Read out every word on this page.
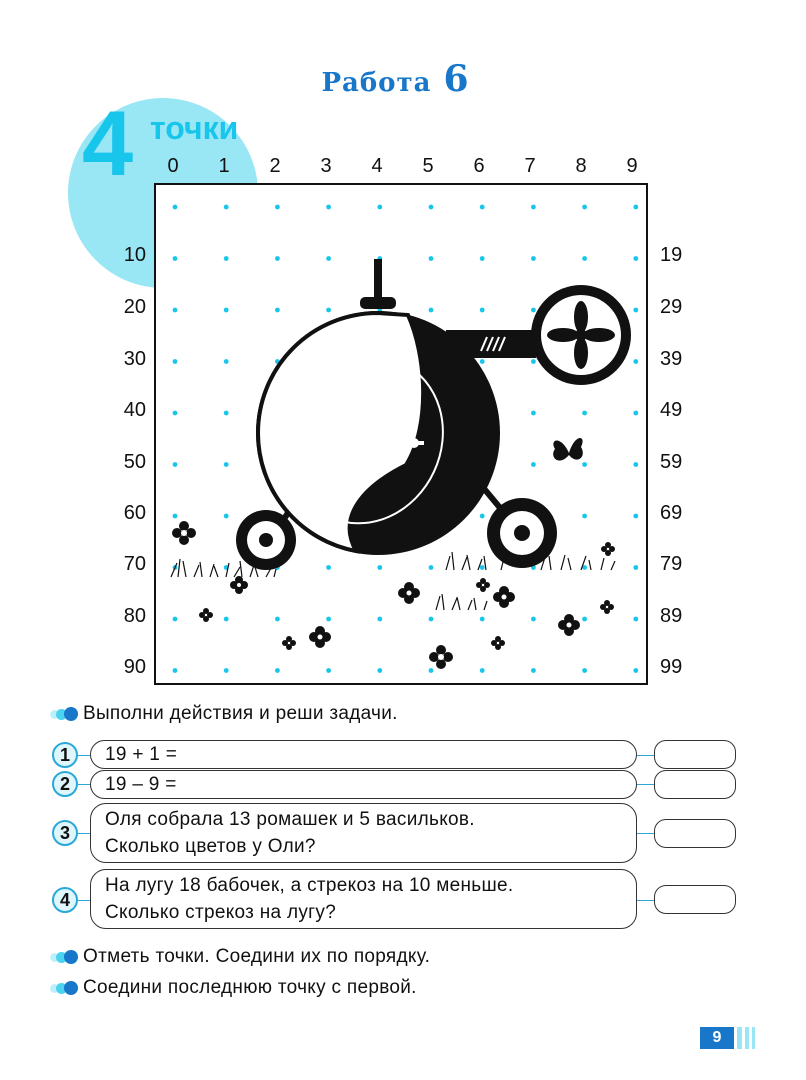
Работа 6
4 точки
0	1	2	3	4	5	6	7	8	9
10
20
30
40
50
60
70
80
90
19
29
39
49
59
69
79
89
99
Выполни действия и реши задачи.
1	19 + 1 =
2	19 – 9 =
3
Оля собрала 13 ромашек и 5 васильков.
Сколько цветов у Оли?
4
На лугу 18 бабочек, а стрекоз на 10 меньше.
Сколько стрекоз на лугу?
Отметь точки. Соедини их по порядку.
Соедини последнюю точку с первой.
9
